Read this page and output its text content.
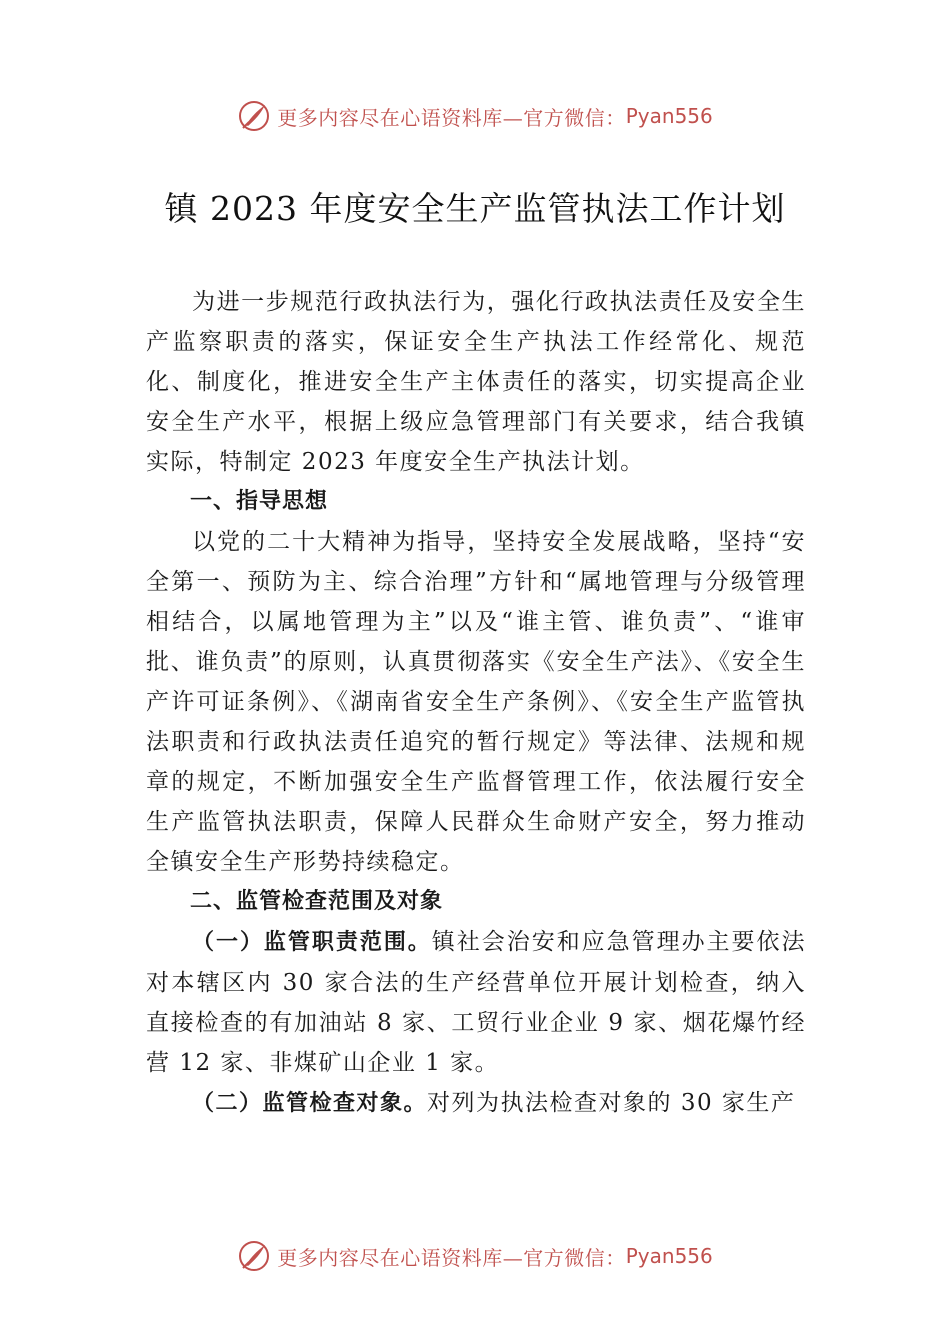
更多内容尽在心语资料库—官方微信： Pyan556
镇 2023 年度安全生产监管执法工作计划

为进一步规范行政执法行为，强化行政执法责任及安全生产监察职责的落实，保证安全生产执法工作经常化、规范化、制度化，推进安全生产主体责任的落实，切实提高企业安全生产水平，根据上级应急管理部门有关要求，结合我镇实际，特制定 2023 年度安全生产执法计划。

一、指导思想

以党的二十大精神为指导，坚持安全发展战略，坚持“安全第一、预防为主、综合治理”方针和“属地管理与分级管理相结合，以属地管理为主”以及“谁主管、谁负责”、“谁审批、谁负责”的原则，认真贯彻落实《安全生产法》、《安全生产许可证条例》、《湖南省安全生产条例》、《安全生产监管执法职责和行政执法责任追究的暂行规定》等法律、法规和规章的规定，不断加强安全生产监督管理工作，依法履行安全生产监管执法职责，保障人民群众生命财产安全，努力推动全镇安全生产形势持续稳定。

二、监管检查范围及对象

（一）监管职责范围。镇社会治安和应急管理办主要依法对本辖区内 30 家合法的生产经营单位开展计划检查，纳入直接检查的有加油站 8 家、工贸行业企业 9 家、烟花爆竹经营 12 家、非煤矿山企业 1 家。

（二）监管检查对象。对列为执法检查对象的 30 家生产

更多内容尽在心语资料库—官方微信： Pyan556
